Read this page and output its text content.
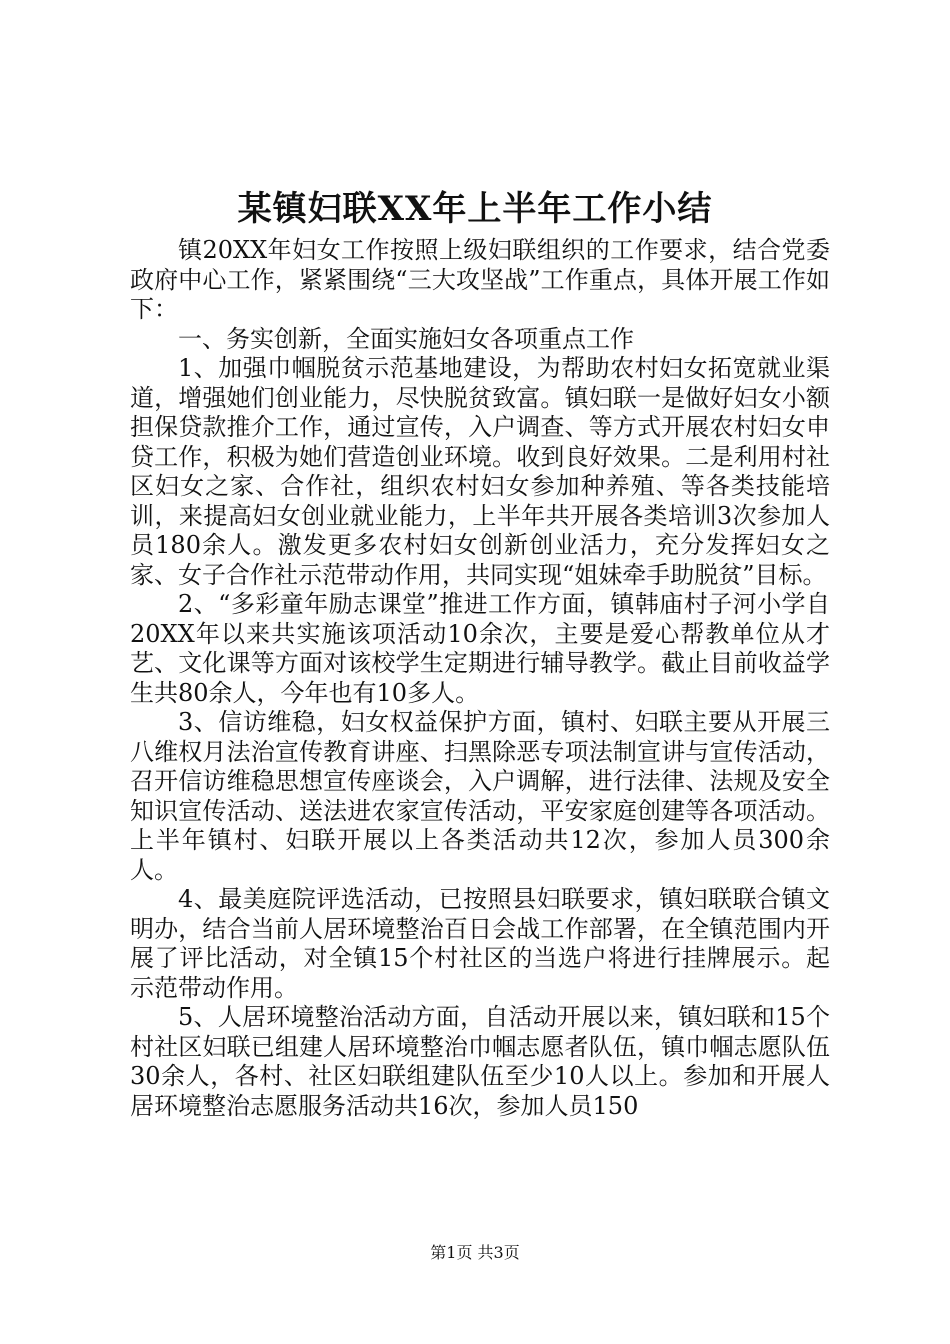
某镇妇联XX年上半年工作小结

镇20XX年妇女工作按照上级妇联组织的工作要求，结合党委政府中心工作，紧紧围绕“三大攻坚战”工作重点，具体开展工作如下：

一、务实创新，全面实施妇女各项重点工作

1、加强巾帼脱贫示范基地建设，为帮助农村妇女拓宽就业渠道，增强她们创业能力，尽快脱贫致富。镇妇联一是做好妇女小额担保贷款推介工作，通过宣传，入户调查、等方式开展农村妇女申贷工作，积极为她们营造创业环境。收到良好效果。二是利用村社区妇女之家、合作社，组织农村妇女参加种养殖、等各类技能培训，来提高妇女创业就业能力，上半年共开展各类培训3次参加人员180余人。激发更多农村妇女创新创业活力，充分发挥妇女之家、女子合作社示范带动作用，共同实现“姐妹牵手助脱贫”目标。

2、“多彩童年励志课堂”推进工作方面，镇韩庙村子河小学自20XX年以来共实施该项活动10余次，主要是爱心帮教单位从才艺、文化课等方面对该校学生定期进行辅导教学。截止目前收益学生共80余人，今年也有10多人。

3、信访维稳，妇女权益保护方面，镇村、妇联主要从开展三八维权月法治宣传教育讲座、扫黑除恶专项法制宣讲与宣传活动，召开信访维稳思想宣传座谈会，入户调解，进行法律、法规及安全知识宣传活动、送法进农家宣传活动，平安家庭创建等各项活动。上半年镇村、妇联开展以上各类活动共12次，参加人员300余人。

4、最美庭院评选活动，已按照县妇联要求，镇妇联联合镇文明办，结合当前人居环境整治百日会战工作部署，在全镇范围内开展了评比活动，对全镇15个村社区的当选户将进行挂牌展示。起示范带动作用。

5、人居环境整治活动方面，自活动开展以来，镇妇联和15个村社区妇联已组建人居环境整治巾帼志愿者队伍，镇巾帼志愿队伍30余人，各村、社区妇联组建队伍至少10人以上。参加和开展人居环境整治志愿服务活动共16次，参加人员150

第1页 共3页
